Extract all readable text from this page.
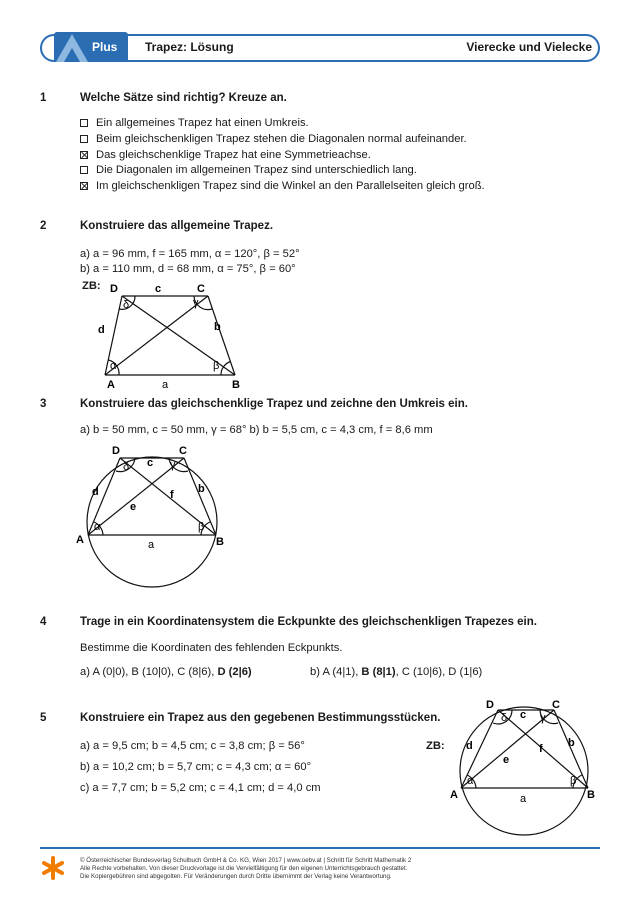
Plus Trapez: Lösung	Vierecke und Vielecke
1	Welche Sätze sind richtig? Kreuze an.
Ein allgemeines Trapez hat einen Umkreis.
Beim gleichschenkligen Trapez stehen die Diagonalen normal aufeinander.
Das gleichschenklige Trapez hat eine Symmetrieachse.
Die Diagonalen im allgemeinen Trapez sind unterschiedlich lang.
Im gleichschenkligen Trapez sind die Winkel an den Parallelseiten gleich groß.
2	Konstruiere das allgemeine Trapez.
a) a = 96 mm, f = 165 mm, α = 120°, β = 52°
b) a = 110 mm, d = 68 mm, α = 75°, β = 60°
ZB:
α	β
δ	γ
D	C
A	B
a
b
c
d
3	Konstruiere das gleichschenklige Trapez und zeichne den Umkreis ein.
a) b = 50 mm, c = 50 mm, γ = 68° b) b = 5,5 cm, c = 4,3 cm, f = 8,6 mm
α	β
δ	γ
D	C
A	B
a
b
c
d
e
f
4	Trage in ein Koordinatensystem die Eckpunkte des gleichschenkligen Trapezes ein.
Bestimme die Koordinaten des fehlenden Eckpunkts.
a) A (0|0), B (10|0), C (8|6), D (2|6)	b) A (4|1), B (8|1), C (10|6), D (1|6)
5	Konstruiere ein Trapez aus den gegebenen Bestimmungsstücken.
a) a = 9,5 cm; b = 4,5 cm; c = 3,8 cm; β = 56°
b) a = 10,2 cm; b = 5,7 cm; c = 4,3 cm; α = 60°
c) a = 7,7 cm; b = 5,2 cm; c = 4,1 cm; d = 4,0 cm
ZB:
α	β
δ	γ
D	C
A	B
a
b
c
d
e
f
© Österreichischer Bundesverlag Schulbuch GmbH & Co. KG, Wien 2017 | www.oebv.at | Schritt für Schritt Mathematik 2
Alle Rechte vorbehalten. Von dieser Druckvorlage ist die Vervielfältigung für den eigenen Unterrichtsgebrauch gestattet.
Die Kopiergebühren sind abgegolten. Für Veränderungen durch Dritte übernimmt der Verlag keine Verantwortung.
